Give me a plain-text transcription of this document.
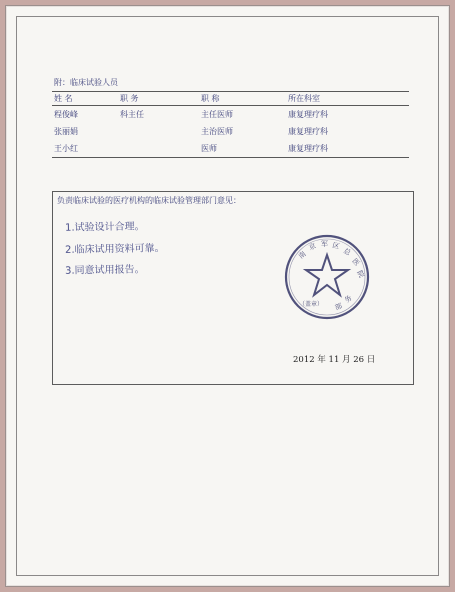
附：临床试验人员
姓 名	职 务	职 称	所在科室
程俊峰	科主任	主任医师	康复理疗科
张丽娟		主治医师	康复理疗科
王小红		医师	康复理疗科
负责临床试验的医疗机构的临床试验管理部门意见：
1.试验设计合理。
2.临床试用资料可靠。
3.同意试用报告。
南
京 军 区
总
医
院
务
部
（盖章）
2012 年 11 月 26 日
